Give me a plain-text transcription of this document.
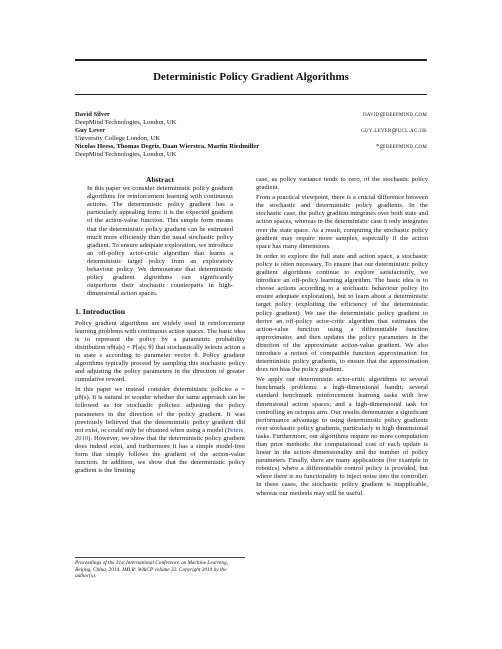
Deterministic Policy Gradient Algorithms
David Silver	david@deepmind.com
DeepMind Technologies, London, UK
Guy Lever	guy.lever@ucl.ac.uk
University College London, UK
Nicolas Heess, Thomas Degris, Daan Wierstra, Martin Riedmiller	*@deepmind.com
DeepMind Technologies, London, UK
Abstract

In this paper we consider deterministic policy gradient algorithms for reinforcement learning with continuous actions. The deterministic policy gradient has a particularly appealing form: it is the expected gradient of the action-value function. This simple form means that the deterministic policy gradient can be estimated much more efficiently than the usual stochastic policy gradient. To ensure adequate exploration, we introduce an off-policy actor-critic algorithm that learns a deterministic target policy from an exploratory behaviour policy. We demonstrate that deterministic policy gradient algorithms can significantly outperform their stochastic counterparts in high-dimensional action spaces.

1. Introduction

Policy gradient algorithms are widely used in reinforcement learning problems with continuous action spaces. The basic idea is to represent the policy by a parametric probability distribution πθ(a|s) = P[a|s; θ] that stochastically selects action a in state s according to parameter vector θ. Policy gradient algorithms typically proceed by sampling this stochastic policy and adjusting the policy parameters in the direction of greater cumulative reward.

In this paper we instead consider deterministic policies a = μθ(s). It is natural to wonder whether the same approach can be followed as for stochastic policies: adjusting the policy parameters in the direction of the policy gradient. It was previously believed that the deterministic policy gradient did not exist, or could only be obtained when using a model (Peters, 2010). However, we show that the deterministic policy gradient does indeed exist, and furthermore it has a simple model-free form that simply follows the gradient of the action-value function. In addition, we show that the deterministic policy gradient is the limiting

Proceedings of the 31st International Conference on Machine Learning, Beijing, China, 2014. JMLR: W&CP volume 32. Copyright 2014 by the author(s).

case, as policy variance tends to zero, of the stochastic policy gradient.

From a practical viewpoint, there is a crucial difference between the stochastic and deterministic policy gradients. In the stochastic case, the policy gradient integrates over both state and action spaces, whereas in the deterministic case it only integrates over the state space. As a result, computing the stochastic policy gradient may require more samples, especially if the action space has many dimensions.

In order to explore the full state and action space, a stochastic policy is often necessary. To ensure that our deterministic policy gradient algorithms continue to explore satisfactorily, we introduce an off-policy learning algorithm. The basic idea is to choose actions according to a stochastic behaviour policy (to ensure adequate exploration), but to learn about a deterministic target policy (exploiting the efficiency of the deterministic policy gradient). We use the deterministic policy gradient to derive an off-policy actor-critic algorithm that estimates the action-value function using a differentiable function approximator, and then updates the policy parameters in the direction of the approximate action-value gradient. We also introduce a notion of compatible function approximation for deterministic policy gradients, to ensure that the approximation does not bias the policy gradient.

We apply our deterministic actor-critic algorithms to several benchmark problems: a high-dimensional bandit; several standard benchmark reinforcement learning tasks with low dimensional action spaces; and a high-dimensional task for controlling an octopus arm. Our results demonstrate a significant performance advantage to using deterministic policy gradients over stochastic policy gradients, particularly in high dimensional tasks. Furthermore, our algorithms require no more computation than prior methods: the computational cost of each update is linear in the action dimensionality and the number of policy parameters. Finally, there are many applications (for example in robotics) where a differentiable control policy is provided, but where there is no functionality to inject noise into the controller. In these cases, the stochastic policy gradient is inapplicable, whereas our methods may still be useful.
